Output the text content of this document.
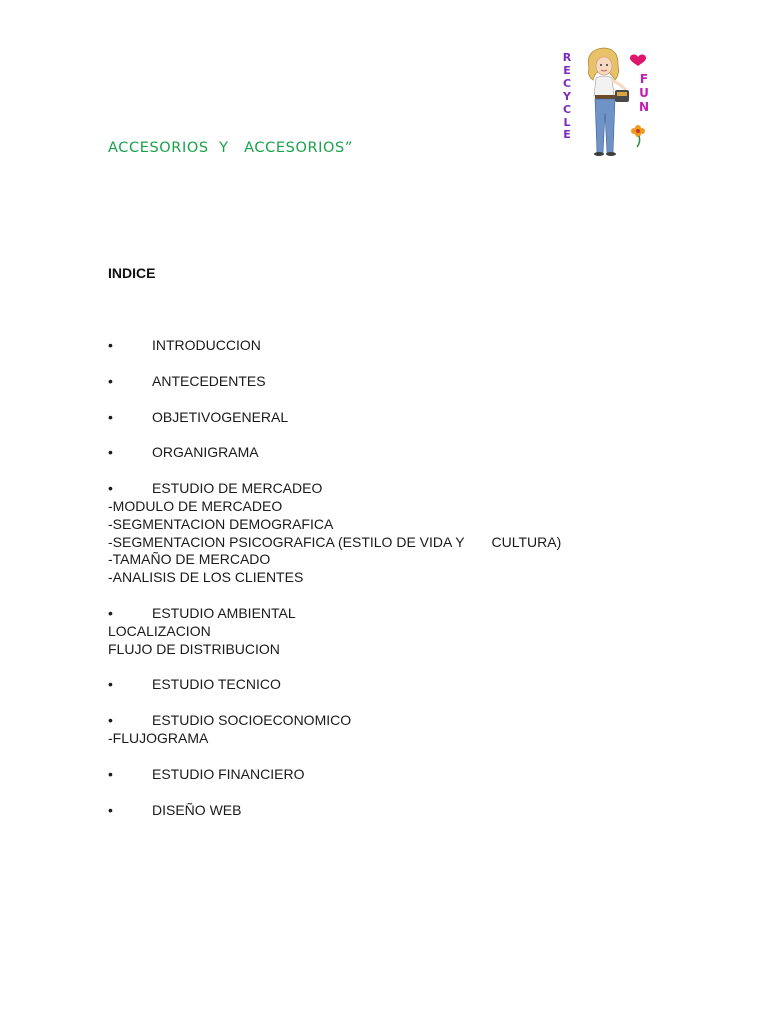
ACCESORIOS  Y   ACCESORIOS”
R
E
C
Y
C
L
E
F
U
N
INDICE
•	INTRODUCCION
•	ANTECEDENTES
•	OBJETIVOGENERAL
•	ORGANIGRAMA
•	ESTUDIO DE MERCADEO
-MODULO DE MERCADEO
-SEGMENTACION DEMOGRAFICA
-SEGMENTACION PSICOGRAFICA (ESTILO DE VIDA Y       CULTURA)
-TAMAÑO DE MERCADO
-ANALISIS DE LOS CLIENTES
•	ESTUDIO AMBIENTAL
LOCALIZACION
FLUJO DE DISTRIBUCION
•	ESTUDIO TECNICO
•	ESTUDIO SOCIOECONOMICO
-FLUJOGRAMA
•	ESTUDIO FINANCIERO
•	DISEÑO WEB
